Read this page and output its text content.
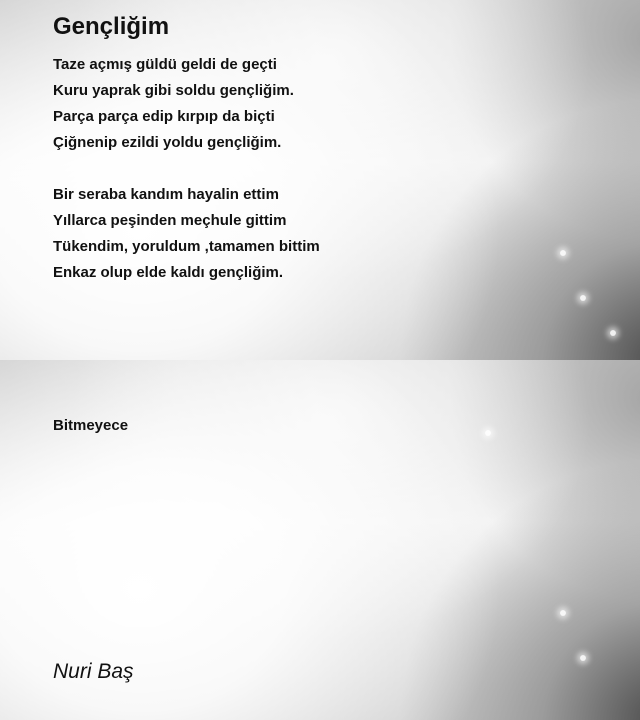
Gençliğim
Taze açmış güldü geldi de geçti
Kuru yaprak gibi soldu gençliğim.
Parça parça edip kırpıp da biçti
Çiğnenip ezildi yoldu gençliğim.
Bir seraba kandım hayalin ettim
Yıllarca peşinden meçhule gittim
Tükendim, yoruldum ,tamamen bittim
Enkaz olup elde kaldı gençliğim.

Bitmeyece

Nuri Baş
